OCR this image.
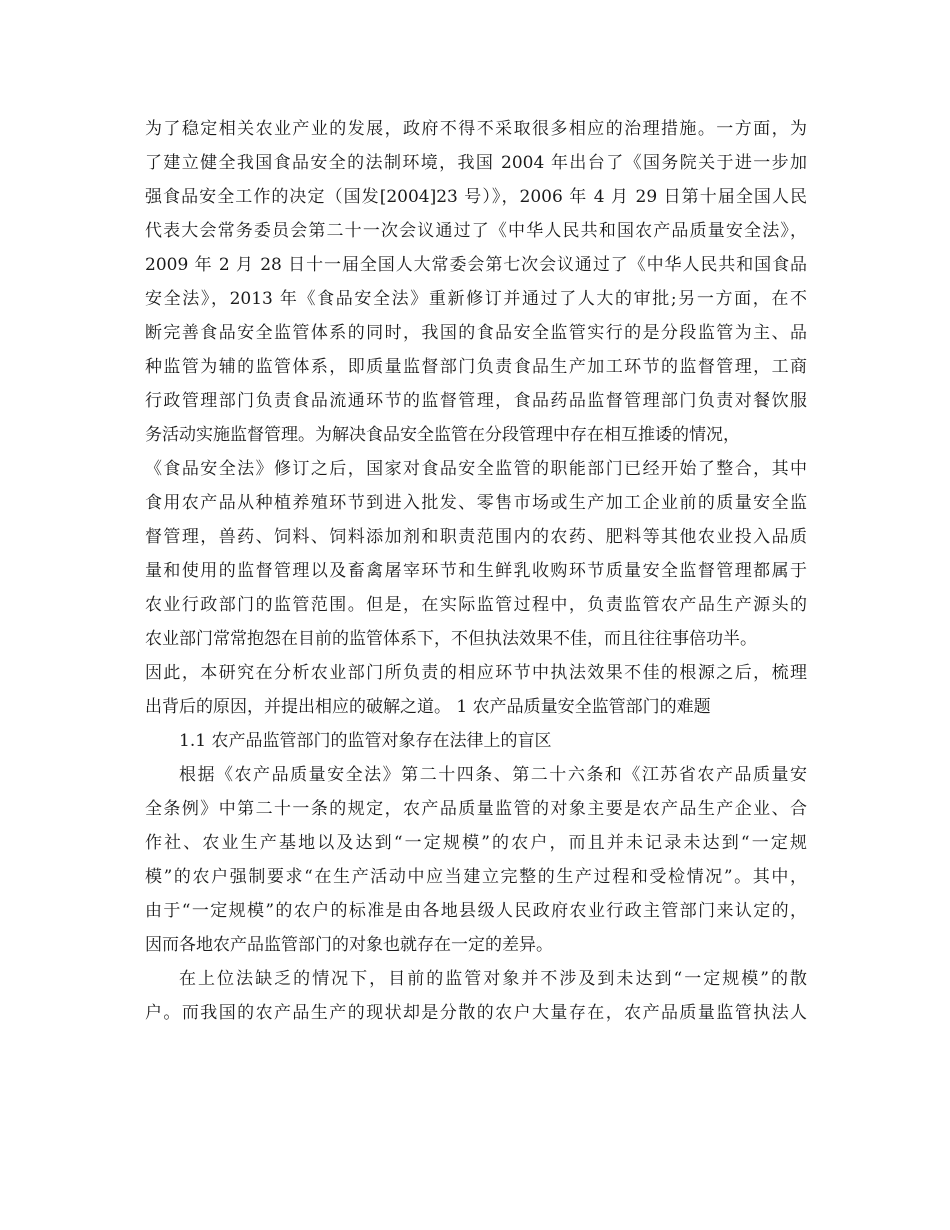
为了稳定相关农业产业的发展，政府不得不采取很多相应的治理措施。一方面，为
了建立健全我国食品安全的法制环境，我国 2004 年出台了《国务院关于进一步加
强食品安全工作的决定（国发[2004]23 号）》，2006 年 4 月 29 日第十届全国人民
代表大会常务委员会第二十一次会议通过了《中华人民共和国农产品质量安全法》，
2009 年 2 月 28 日十一届全国人大常委会第七次会议通过了《中华人民共和国食品
安全法》，2013 年《食品安全法》重新修订并通过了人大的审批;另一方面，在不
断完善食品安全监管体系的同时，我国的食品安全监管实行的是分段监管为主、品
种监管为辅的监管体系，即质量监督部门负责食品生产加工环节的监督管理，工商
行政管理部门负责食品流通环节的监督管理，食品药品监督管理部门负责对餐饮服
务活动实施监督管理。为解决食品安全监管在分段管理中存在相互推诿的情况，
《食品安全法》修订之后，国家对食品安全监管的职能部门已经开始了整合，其中
食用农产品从种植养殖环节到进入批发、零售市场或生产加工企业前的质量安全监
督管理，兽药、饲料、饲料添加剂和职责范围内的农药、肥料等其他农业投入品质
量和使用的监督管理以及畜禽屠宰环节和生鲜乳收购环节质量安全监督管理都属于
农业行政部门的监管范围。但是，在实际监管过程中，负责监管农产品生产源头的
农业部门常常抱怨在目前的监管体系下，不但执法效果不佳，而且往往事倍功半。
因此，本研究在分析农业部门所负责的相应环节中执法效果不佳的根源之后，梳理
出背后的原因，并提出相应的破解之道。 1 农产品质量安全监管部门的难题
1.1 农产品监管部门的监管对象存在法律上的盲区
根据《农产品质量安全法》第二十四条、第二十六条和《江苏省农产品质量安
全条例》中第二十一条的规定，农产品质量监管的对象主要是农产品生产企业、合
作社、农业生产基地以及达到“一定规模”的农户，而且并未记录未达到“一定规
模”的农户强制要求“在生产活动中应当建立完整的生产过程和受检情况”。其中，
由于“一定规模”的农户的标准是由各地县级人民政府农业行政主管部门来认定的，
因而各地农产品监管部门的对象也就存在一定的差异。
在上位法缺乏的情况下，目前的监管对象并不涉及到未达到“一定规模”的散
户。而我国的农产品生产的现状却是分散的农户大量存在，农产品质量监管执法人
